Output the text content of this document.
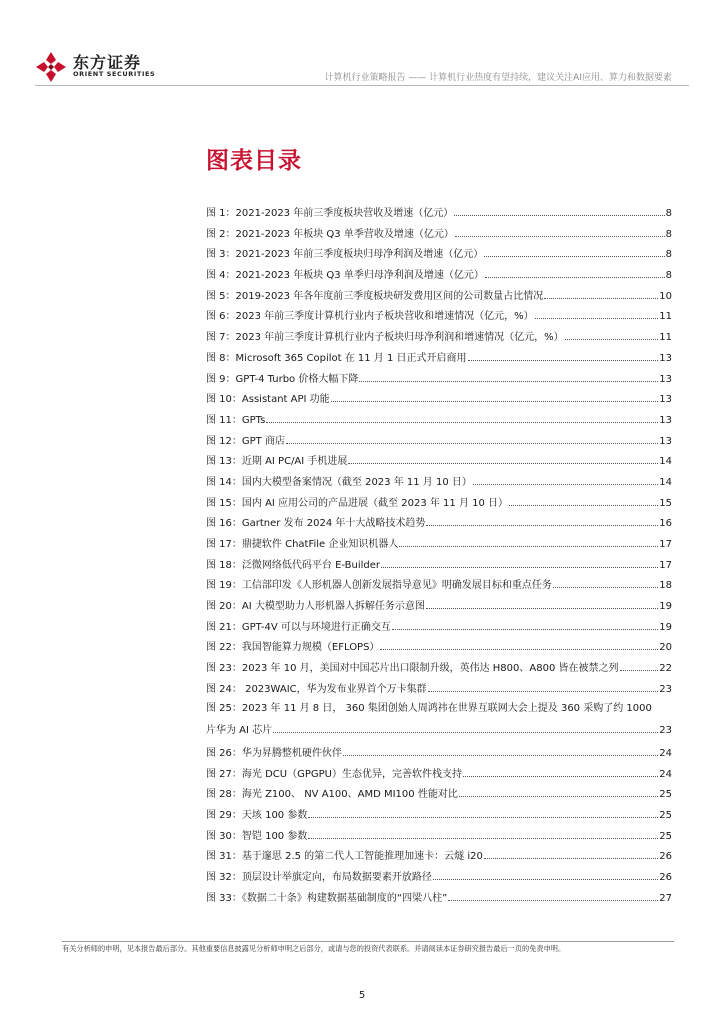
东方证券
ORIENT SECURITIES	计算机行业策略报告 —— 计算机行业热度有望持续，建议关注AI应用、算力和数据要素
图表目录
图 1：2021-2023 年前三季度板块营收及增速（亿元）	8
图 2：2021-2023 年板块 Q3 单季营收及增速（亿元）	8
图 3：2021-2023 年前三季度板块归母净利润及增速（亿元）	8
图 4：2021-2023 年板块 Q3 单季归母净利润及增速（亿元）	8
图 5：2019-2023 年各年度前三季度板块研发费用区间的公司数量占比情况	10
图 6：2023 年前三季度计算机行业内子板块营收和增速情况（亿元，%）	11
图 7：2023 年前三季度计算机行业内子板块归母净利润和增速情况（亿元，%）	11
图 8：Microsoft 365 Copilot 在 11 月 1 日正式开启商用	13
图 9：GPT-4 Turbo 价格大幅下降	13
图 10：Assistant API 功能	13
图 11：GPTs	13
图 12：GPT 商店	13
图 13：近期 AI PC/AI 手机进展	14
图 14：国内大模型备案情况（截至 2023 年 11 月 10 日）	14
图 15：国内 AI 应用公司的产品进展（截至 2023 年 11 月 10 日）	15
图 16：Gartner 发布 2024 年十大战略技术趋势	16
图 17：鼎捷软件 ChatFile 企业知识机器人	17
图 18：泛微网络低代码平台 E-Builder	17
图 19：工信部印发《人形机器人创新发展指导意见》明确发展目标和重点任务	18
图 20：AI 大模型助力人形机器人拆解任务示意图	19
图 21：GPT-4V 可以与环境进行正确交互	19
图 22：我国智能算力规模（EFLOPS）	20
图 23：2023 年 10 月，美国对中国芯片出口限制升级，英伟达 H800、A800 皆在被禁之列	22
图 24： 2023WAIC，华为发布业界首个万卡集群	23
图 25：2023 年 11 月 8 日， 360 集团创始人周鸿祎在世界互联网大会上提及 360 采购了约 1000
片华为 AI 芯片	23
图 26：华为昇腾整机硬件伙伴	24
图 27：海光 DCU（GPGPU）生态优异，完善软件栈支持	24
图 28：海光 Z100、 NV A100、AMD MI100 性能对比	25
图 29：天垓 100 参数	25
图 30：智铠 100 参数	25
图 31：基于邃思 2.5 的第二代人工智能推理加速卡：云燧 i20	26
图 32：顶层设计举旗定向，布局数据要素开放路径	26
图 33：《数据二十条》构建数据基础制度的“四梁八柱”	27
有关分析师的申明，见本报告最后部分。其他重要信息披露见分析师申明之后部分，或请与您的投资代表联系。并请阅读本证券研究报告最后一页的免责申明。
5
